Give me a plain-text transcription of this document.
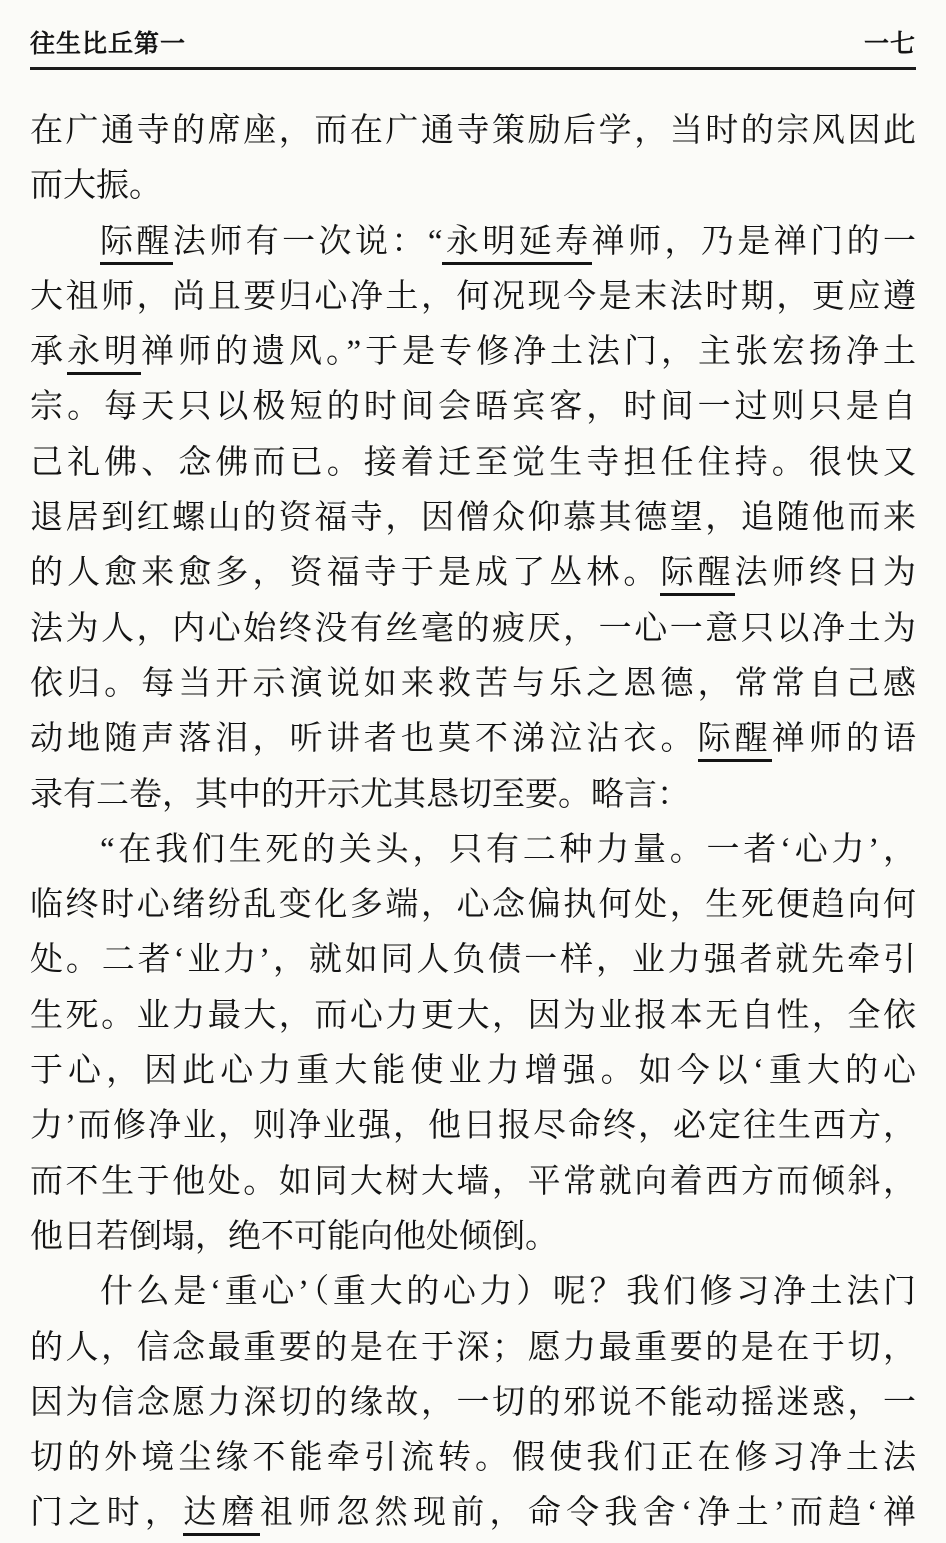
往生比丘第一	一七
在广通寺的席座，而在广通寺策励后学，当时的宗风因此
而大振。
际醒法师有一次说：“永明延寿禅师，乃是禅门的一
大祖师，尚且要归心净土，何况现今是末法时期，更应遵
承永明禅师的遗风。”于是专修净土法门，主张宏扬净土
宗。每天只以极短的时间会晤宾客，时间一过则只是自
己礼佛、念佛而已。接着迁至觉生寺担任住持。很快又
退居到红螺山的资福寺，因僧众仰慕其德望，追随他而来
的人愈来愈多，资福寺于是成了丛林。际醒法师终日为
法为人，内心始终没有丝毫的疲厌，一心一意只以净土为
依归。每当开示演说如来救苦与乐之恩德，常常自己感
动地随声落泪，听讲者也莫不涕泣沾衣。际醒禅师的语
录有二卷，其中的开示尤其恳切至要。略言：
“在我们生死的关头，只有二种力量。一者‘心力’，
临终时心绪纷乱变化多端，心念偏执何处，生死便趋向何
处。二者‘业力’，就如同人负债一样，业力强者就先牵引
生死。业力最大，而心力更大，因为业报本无自性，全依
于心，因此心力重大能使业力增强。如今以‘重大的心
力’而修净业，则净业强，他日报尽命终，必定往生西方，
而不生于他处。如同大树大墙，平常就向着西方而倾斜，
他日若倒塌，绝不可能向他处倾倒。
什么是‘重心’（重大的心力）呢？我们修习净土法门
的人，信念最重要的是在于深；愿力最重要的是在于切，
因为信念愿力深切的缘故，一切的邪说不能动摇迷惑，一
切的外境尘缘不能牵引流转。假使我们正在修习净土法
门之时，达磨祖师忽然现前，命令我舍‘净土’而趋‘禅
